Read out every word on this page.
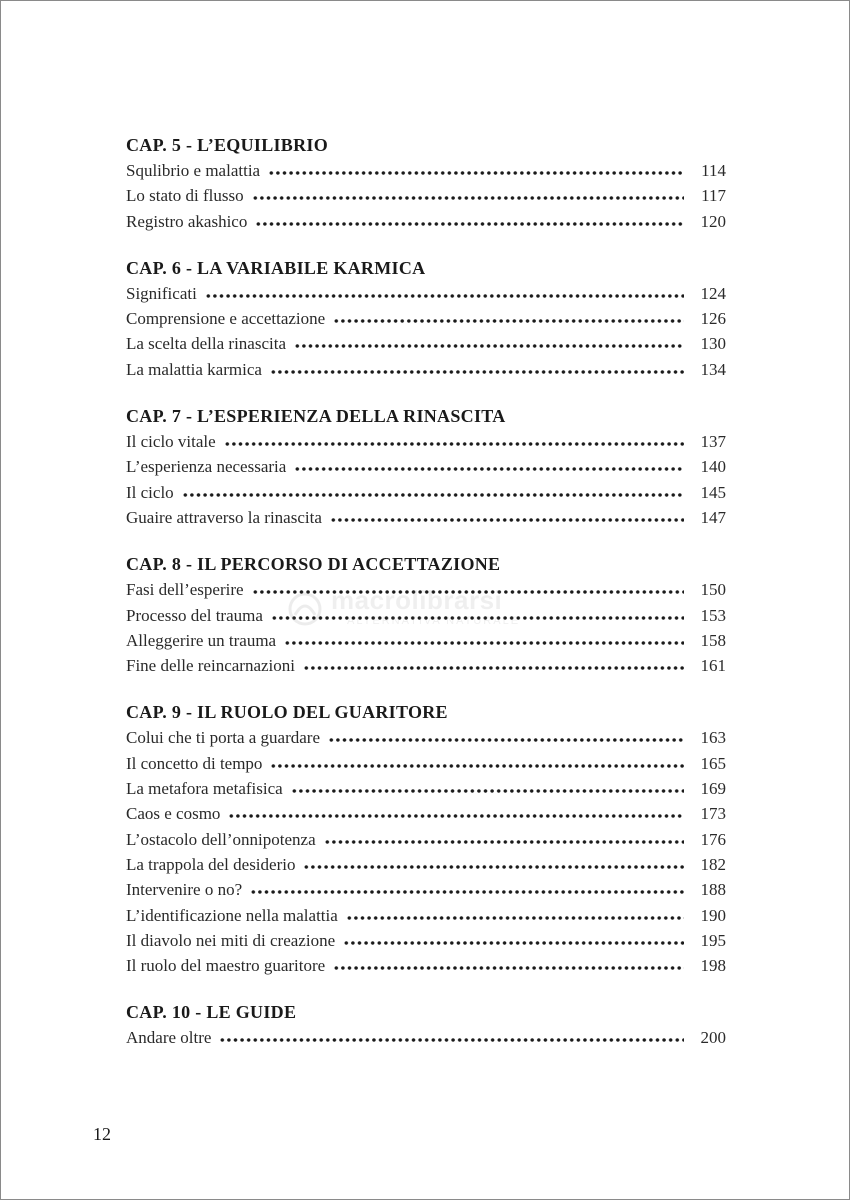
CAP. 5 - L’EQUILIBRIO
Squlibrio e malattia	114
Lo stato di flusso	117
Registro akashico	120
CAP. 6 - LA VARIABILE KARMICA
Significati	124
Comprensione e accettazione	126
La scelta della rinascita	130
La malattia karmica	134
CAP. 7 - L’ESPERIENZA DELLA RINASCITA
Il ciclo vitale	137
L’esperienza necessaria	140
Il ciclo	145
Guaire attraverso la rinascita	147
CAP. 8 - IL PERCORSO DI ACCETTAZIONE
Fasi dell’esperire	150
Processo del trauma	153
Alleggerire un trauma	158
Fine delle reincarnazioni	161
CAP. 9 - IL RUOLO DEL GUARITORE
Colui che ti porta a guardare	163
Il concetto di tempo	165
La metafora metafisica	169
Caos e cosmo	173
L’ostacolo dell’onnipotenza	176
La trappola del desiderio	182
Intervenire o no?	188
L’identificazione nella malattia	190
Il diavolo nei miti di creazione	195
Il ruolo del maestro guaritore	198
CAP. 10 - LE GUIDE
Andare oltre	200
macrolibrarsi
ALTERNATIVA NATURALE
12
